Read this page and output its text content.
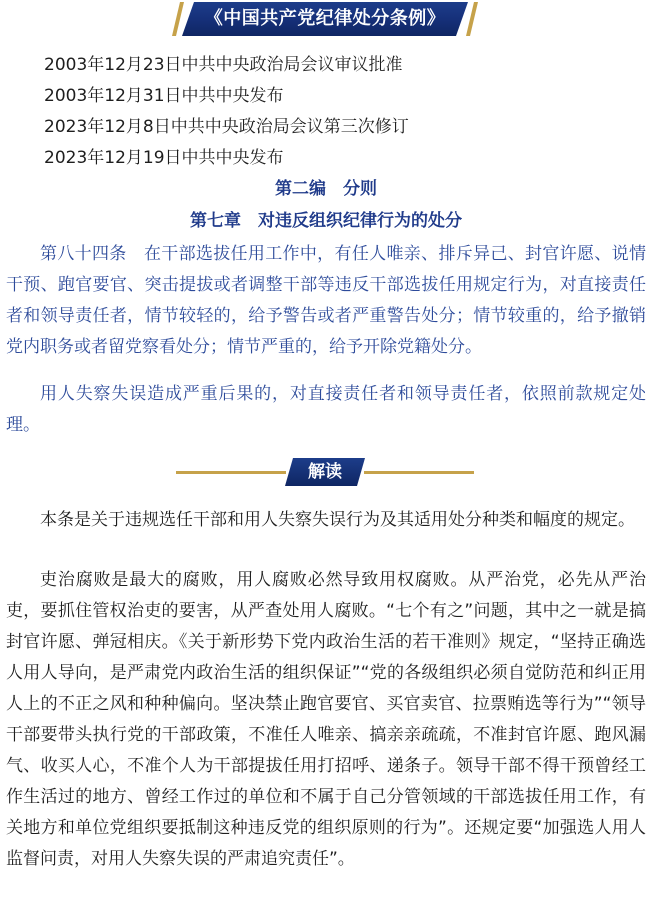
《中国共产党纪律处分条例》
2003年12月23日中共中央政治局会议审议批准
2003年12月31日中共中央发布
2023年12月8日中共中央政治局会议第三次修订
2023年12月19日中共中央发布
第二编　分则
第七章　对违反组织纪律行为的处分
第八十四条　在干部选拔任用工作中，有任人唯亲、排斥异己、封官许愿、说情干预、跑官要官、突击提拔或者调整干部等违反干部选拔任用规定行为，对直接责任者和领导责任者，情节较轻的，给予警告或者严重警告处分；情节较重的，给予撤销党内职务或者留党察看处分；情节严重的，给予开除党籍处分。
用人失察失误造成严重后果的，对直接责任者和领导责任者，依照前款规定处理。
解读
本条是关于违规选任干部和用人失察失误行为及其适用处分种类和幅度的规定。
吏治腐败是最大的腐败，用人腐败必然导致用权腐败。从严治党，必先从严治吏，要抓住管权治吏的要害，从严查处用人腐败。“七个有之”问题，其中之一就是搞封官许愿、弹冠相庆。《关于新形势下党内政治生活的若干准则》规定，“坚持正确选人用人导向，是严肃党内政治生活的组织保证”“党的各级组织必须自觉防范和纠正用人上的不正之风和种种偏向。坚决禁止跑官要官、买官卖官、拉票贿选等行为”“领导干部要带头执行党的干部政策，不准任人唯亲、搞亲亲疏疏，不准封官许愿、跑风漏气、收买人心，不准个人为干部提拔任用打招呼、递条子。领导干部不得干预曾经工作生活过的地方、曾经工作过的单位和不属于自己分管领域的干部选拔任用工作，有关地方和单位党组织要抵制这种违反党的组织原则的行为”。还规定要“加强选人用人监督问责，对用人失察失误的严肃追究责任”。
